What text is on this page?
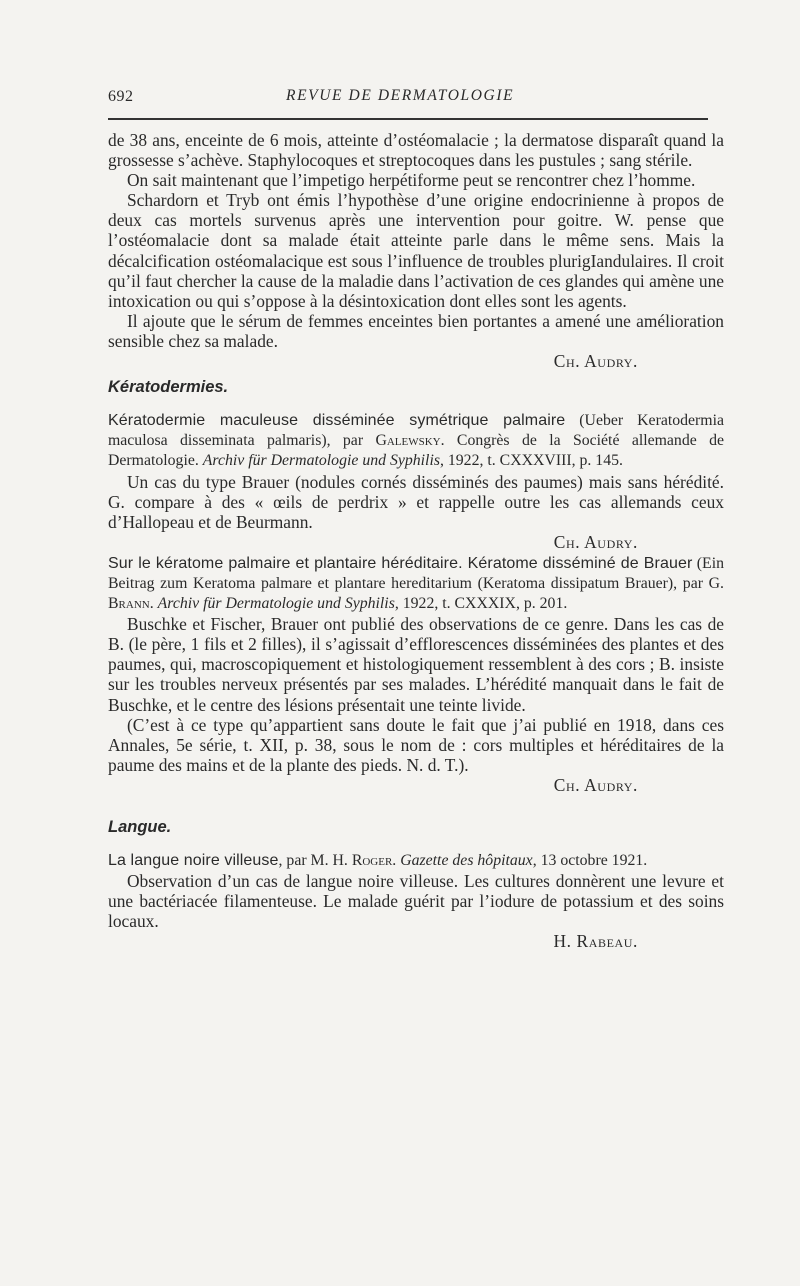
692	REVUE DE DERMATOLOGIE

de 38 ans, enceinte de 6 mois, atteinte d’ostéomalacie ; la dermatose disparaît quand la grossesse s’achève. Staphylocoques et streptocoques dans les pustules ; sang stérile.

On sait maintenant que l’impetigo herpétiforme peut se rencontrer chez l’homme.

Schardorn et Tryb ont émis l’hypothèse d’une origine endocrinienne à propos de deux cas mortels survenus après une intervention pour goitre. W. pense que l’ostéomalacie dont sa malade était atteinte parle dans le même sens. Mais la décalcification ostéomalacique est sous l’influence de troubles plurigIandulaires. Il croit qu’il faut chercher la cause de la maladie dans l’activation de ces glandes qui amène une intoxication ou qui s’oppose à la désintoxication dont elles sont les agents.

Il ajoute que le sérum de femmes enceintes bien portantes a amené une amélioration sensible chez sa malade.

Ch. Audry.

Kératodermies.

Kératodermie maculeuse disséminée symétrique palmaire (Ueber Keratodermia maculosa disseminata palmaris), par Galewsky. Congrès de la Société allemande de Dermatologie. Archiv für Dermatologie und Syphilis, 1922, t. CXXXVIII, p. 145.

Un cas du type Brauer (nodules cornés disséminés des paumes) mais sans hérédité. G. compare à des « œils de perdrix » et rappelle outre les cas allemands ceux d’Hallopeau et de Beurmann.

Ch. Audry.

Sur le kératome palmaire et plantaire héréditaire. Kératome disséminé de Brauer (Ein Beitrag zum Keratoma palmare et plantare hereditarium (Keratoma dissipatum Brauer), par G. Brann. Archiv für Dermatologie und Syphilis, 1922, t. CXXXIX, p. 201.

Buschke et Fischer, Brauer ont publié des observations de ce genre. Dans les cas de B. (le père, 1 fils et 2 filles), il s’agissait d’efflorescences disséminées des plantes et des paumes, qui, macroscopiquement et histologiquement ressemblent à des cors ; B. insiste sur les troubles nerveux présentés par ses malades. L’hérédité manquait dans le fait de Buschke, et le centre des lésions présentait une teinte livide.

(C’est à ce type qu’appartient sans doute le fait que j’ai publié en 1918, dans ces Annales, 5e série, t. XII, p. 38, sous le nom de : cors multiples et héréditaires de la paume des mains et de la plante des pieds. N. d. T.).

Ch. Audry.

Langue.

La langue noire villeuse, par M. H. Roger. Gazette des hôpitaux, 13 octobre 1921.

Observation d’un cas de langue noire villeuse. Les cultures donnèrent une levure et une bactériacée filamenteuse. Le malade guérit par l’iodure de potassium et des soins locaux.

H. Rabeau.
